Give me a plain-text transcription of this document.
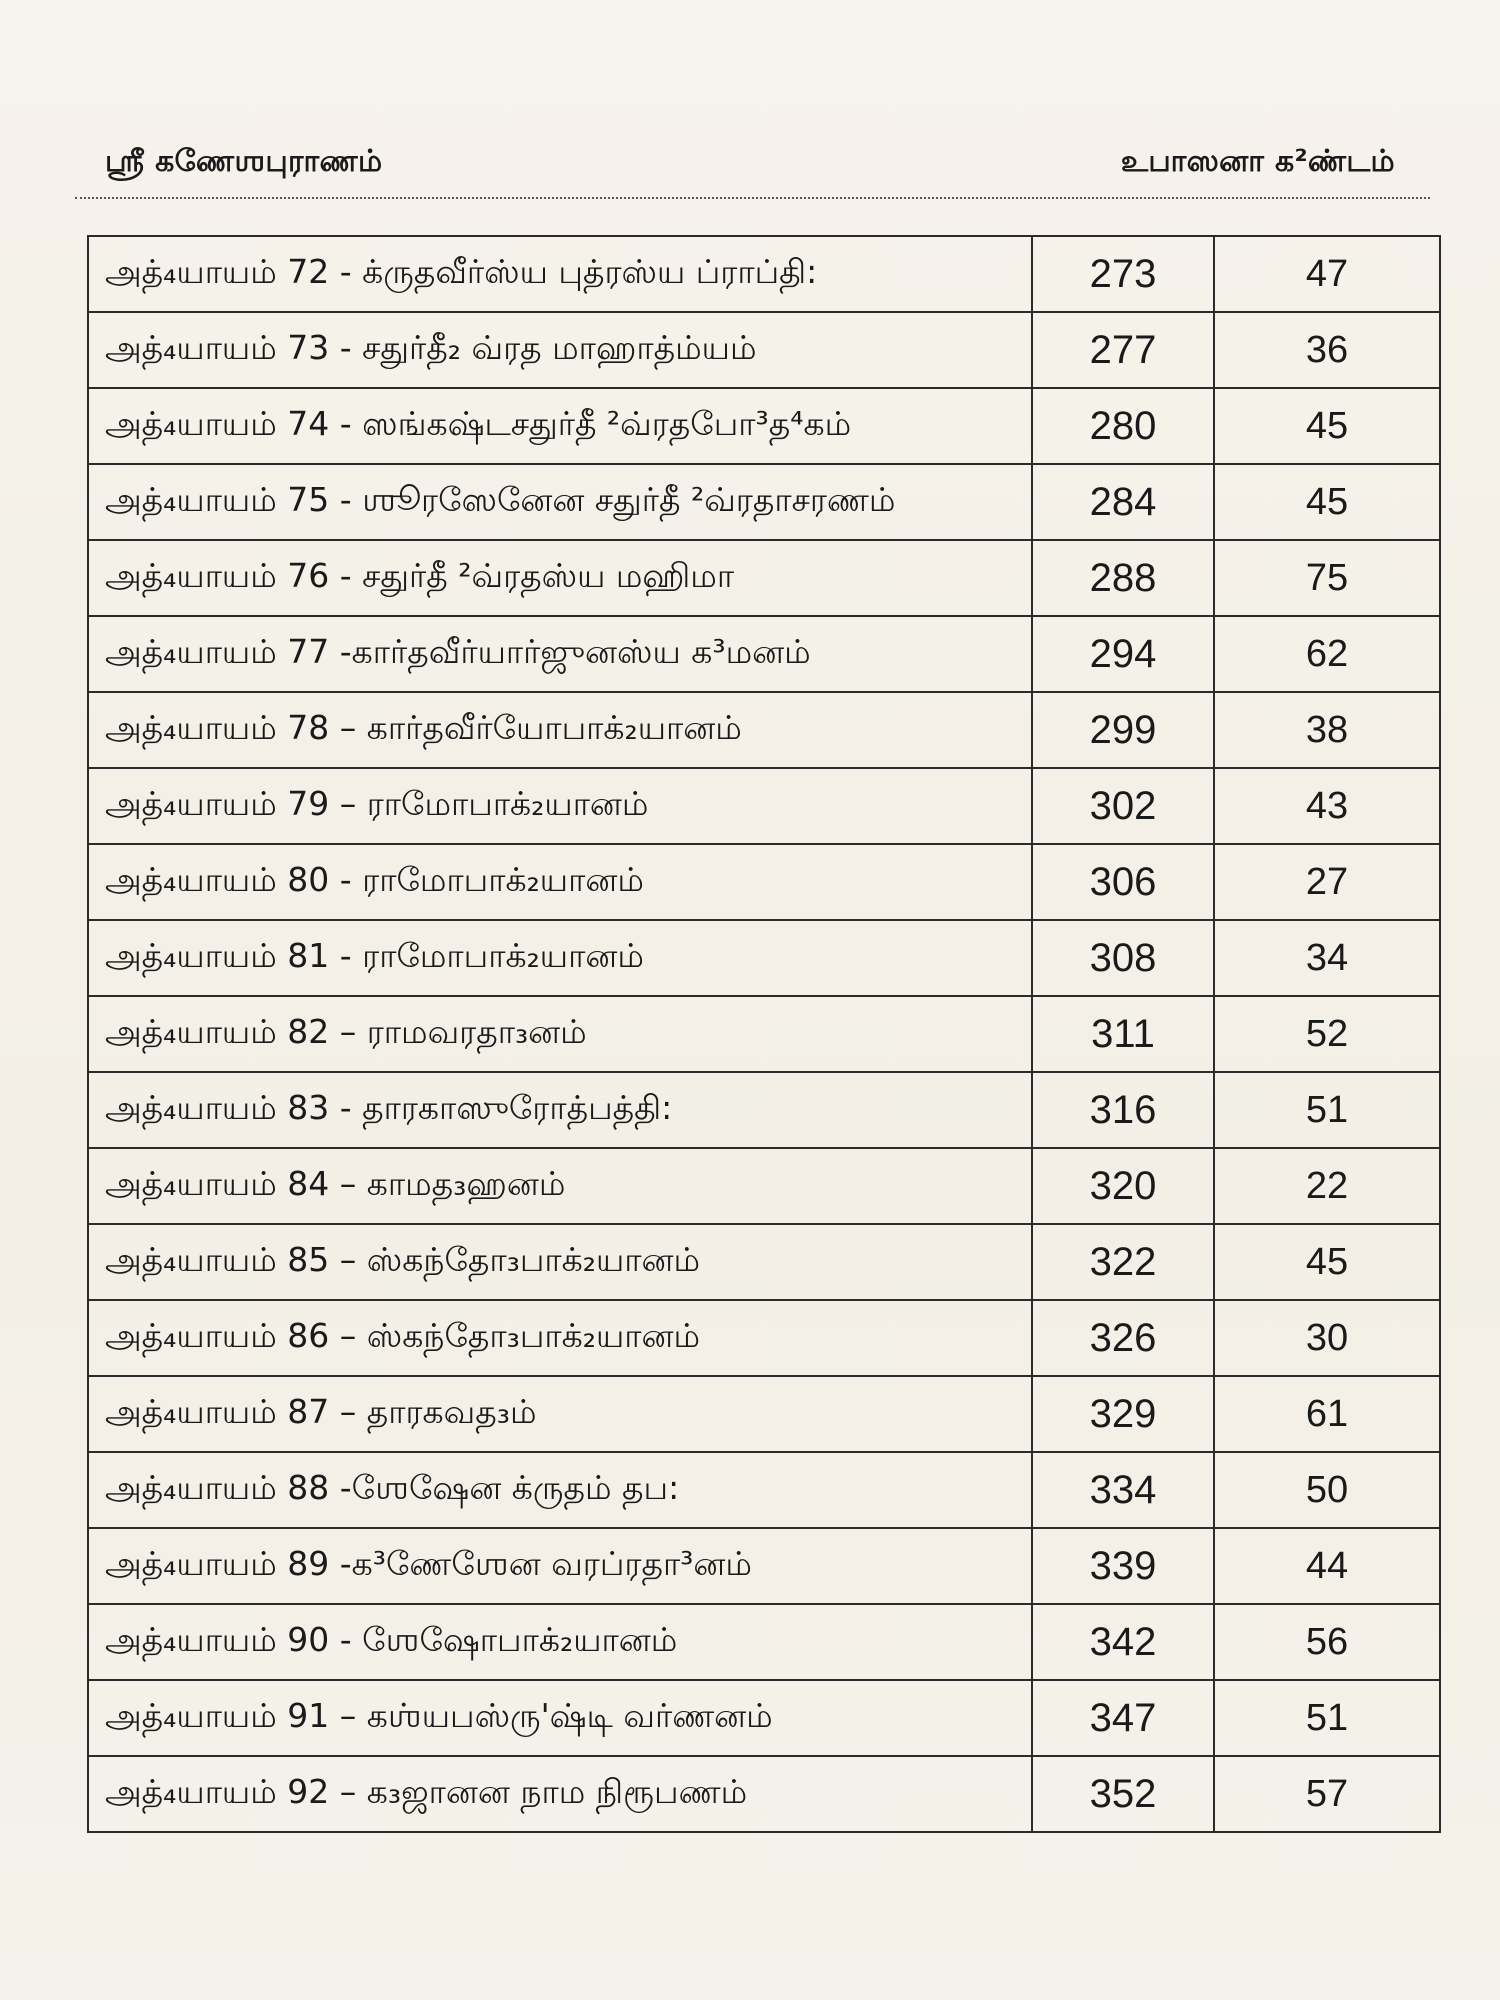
ஸ்ரீ கணேஶபுராணம்	உபாஸனா க²ண்டம்
அத்₄யாயம் 72 - க்ருதவீர்ஸ்ய புத்ரஸ்ய ப்ராப்தி:	273	47
அத்₄யாயம் 73 - சதுர்தீ₂ வ்ரத மாஹாத்ம்யம்	277	36
அத்₄யாயம் 74 - ஸங்கஷ்டசதுர்தீ ²வ்ரதபோ³த⁴கம்	280	45
அத்₄யாயம் 75 - ஶூரஸேனேன சதுர்தீ ²வ்ரதாசரணம்	284	45
அத்₄யாயம் 76 - சதுர்தீ ²வ்ரதஸ்ய மஹிமா	288	75
அத்₄யாயம் 77 -கார்தவீர்யார்ஜுனஸ்ய க³மனம்	294	62
அத்₄யாயம் 78 – கார்தவீர்யோபாக்₂யானம்	299	38
அத்₄யாயம் 79 – ராமோபாக்₂யானம்	302	43
அத்₄யாயம் 80 - ராமோபாக்₂யானம்	306	27
அத்₄யாயம் 81 - ராமோபாக்₂யானம்	308	34
அத்₄யாயம் 82 – ராமவரதா₃னம்	311	52
அத்₄யாயம் 83 - தாரகாஸுரோத்பத்தி:	316	51
அத்₄யாயம் 84 – காமத₃ஹனம்	320	22
அத்₄யாயம் 85 – ஸ்கந்தோ₃பாக்₂யானம்	322	45
அத்₄யாயம் 86 – ஸ்கந்தோ₃பாக்₂யானம்	326	30
அத்₄யாயம் 87 – தாரகவத₃ம்	329	61
அத்₄யாயம் 88 -ஶேஷேன க்ருதம் தப:	334	50
அத்₄யாயம் 89 -க³ணேஶேன வரப்ரதா³னம்	339	44
அத்₄யாயம் 90 - ஶேஷோபாக்₂யானம்	342	56
அத்₄யாயம் 91 – கஶ்யபஸ்ரு'ஷ்டி வர்ணனம்	347	51
அத்₄யாயம் 92 – க₃ஜானன நாம நிரூபணம்	352	57
